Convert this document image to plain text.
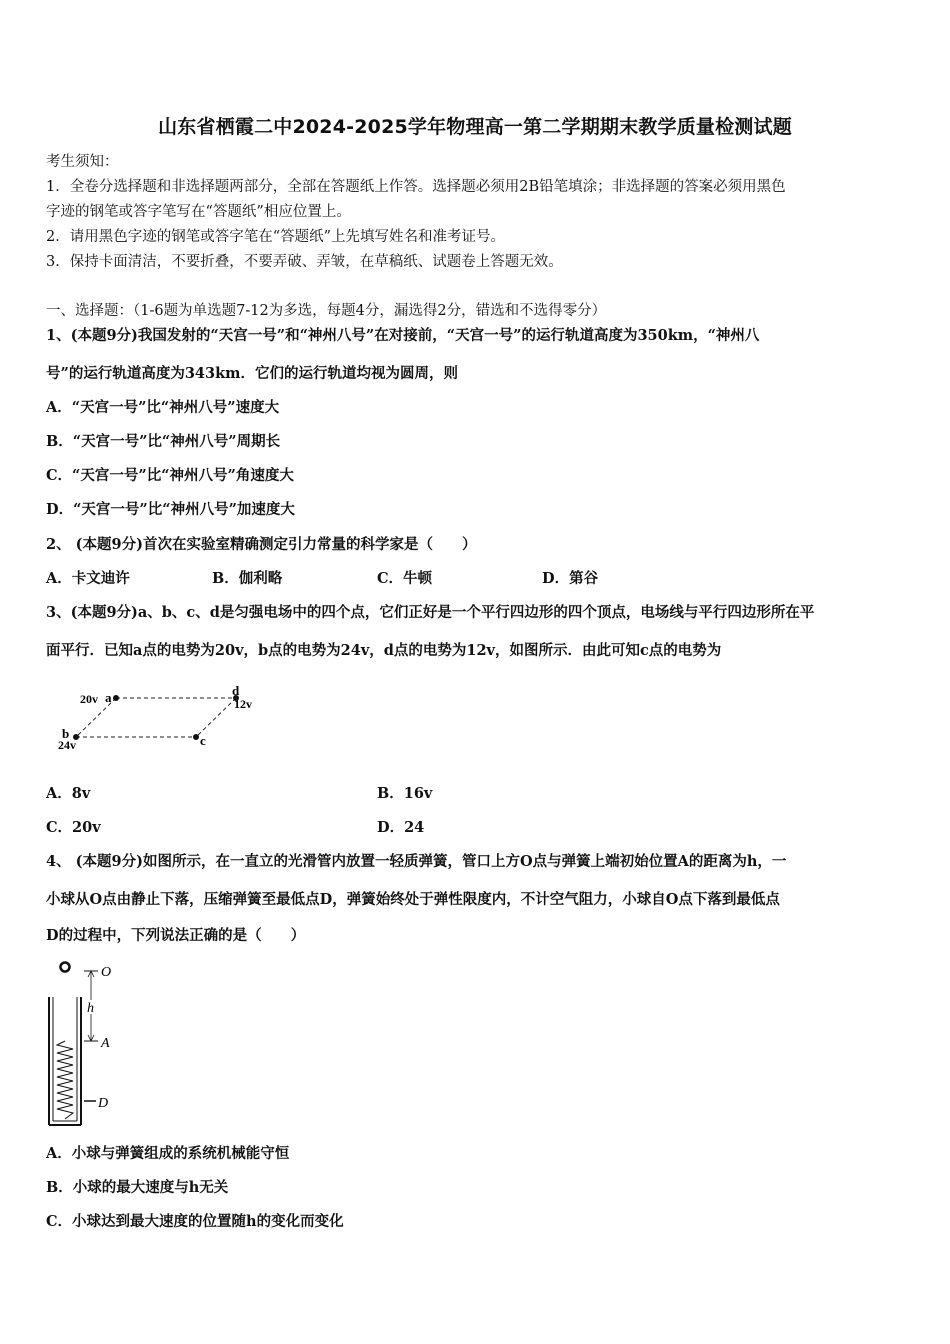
山东省栖霞二中2024-2025学年物理高一第二学期期末教学质量检测试题
考生须知：
1．全卷分选择题和非选择题两部分，全部在答题纸上作答。选择题必须用2B铅笔填涂；非选择题的答案必须用黑色
字迹的钢笔或答字笔写在“答题纸”相应位置上。
2．请用黑色字迹的钢笔或答字笔在“答题纸”上先填写姓名和准考证号。
3．保持卡面清洁，不要折叠，不要弄破、弄皱，在草稿纸、试题卷上答题无效。
一、选择题：（1-6题为单选题7-12为多选，每题4分，漏选得2分，错选和不选得零分）
1、(本题9分)我国发射的“天宫一号”和“神州八号”在对接前，“天宫一号”的运行轨道高度为350km，“神州八
号”的运行轨道高度为343km．它们的运行轨道均视为圆周，则
A．“天宫一号”比“神州八号”速度大
B．“天宫一号”比“神州八号”周期长
C．“天宫一号”比“神州八号”角速度大
D．“天宫一号”比“神州八号”加速度大
2、 (本题9分)首次在实验室精确测定引力常量的科学家是（　　）
A．卡文迪许	B．伽利略	C．牛顿	D．第谷
3、(本题9分)a、b、c、d是匀强电场中的四个点，它们正好是一个平行四边形的四个顶点，电场线与平行四边形所在平
面平行．已知a点的电势为20v，b点的电势为24v，d点的电势为12v，如图所示．由此可知c点的电势为
20v a	d
12v
b
24v	c
A．8v	B．16v
C．20v	D．24
4、 (本题9分)如图所示，在一直立的光滑管内放置一轻质弹簧，管口上方O点与弹簧上端初始位置A的距离为h，一
小球从O点由静止下落，压缩弹簧至最低点D，弹簧始终处于弹性限度内，不计空气阻力，小球自O点下落到最低点
D的过程中，下列说法正确的是（　　）
O
h
A
D
A．小球与弹簧组成的系统机械能守恒
B．小球的最大速度与h无关
C．小球达到最大速度的位置随h的变化而变化
